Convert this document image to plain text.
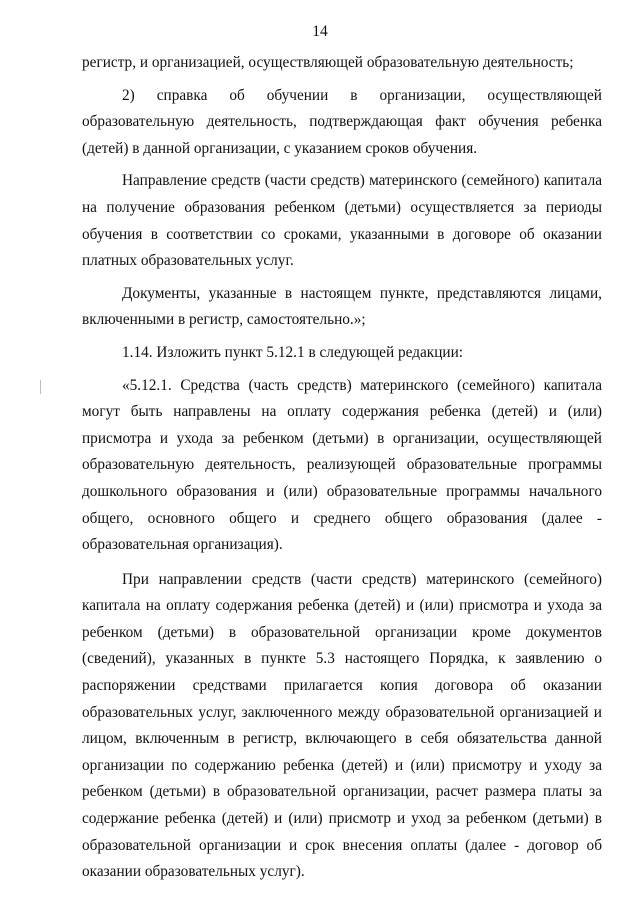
14

регистр, и организацией, осуществляющей образовательную деятельность;

2) справка об обучении в организации, осуществляющей
образовательную деятельность, подтверждающая факт обучения ребенка
(детей) в данной организации, с указанием сроков обучения.

Направление средств (части средств) материнского (семейного) капитала
на получение образования ребенком (детьми) осуществляется за периоды
обучения в соответствии со сроками, указанными в договоре об оказании
платных образовательных услуг.

Документы, указанные в настоящем пункте, представляются лицами,
включенными в регистр, самостоятельно.»;

1.14. Изложить пункт 5.12.1 в следующей редакции:

«5.12.1. Средства (часть средств) материнского (семейного) капитала
могут быть направлены на оплату содержания ребенка (детей) и (или)
присмотра и ухода за ребенком (детьми) в организации, осуществляющей
образовательную деятельность, реализующей образовательные программы
дошкольного образования и (или) образовательные программы начального
общего, основного общего и среднего общего образования (далее -
образовательная организация).

При направлении средств (части средств) материнского (семейного)
капитала на оплату содержания ребенка (детей) и (или) присмотра и ухода за
ребенком (детьми) в образовательной организации кроме документов
(сведений), указанных в пункте 5.3 настоящего Порядка, к заявлению о
распоряжении средствами прилагается копия договора об оказании
образовательных услуг, заключенного между образовательной организацией и
лицом, включенным в регистр, включающего в себя обязательства данной
организации по содержанию ребенка (детей) и (или) присмотру и уходу за
ребенком (детьми) в образовательной организации, расчет размера платы за
содержание ребенка (детей) и (или) присмотр и уход за ребенком (детьми) в
образовательной организации и срок внесения оплаты (далее - договор об
оказании образовательных услуг).
